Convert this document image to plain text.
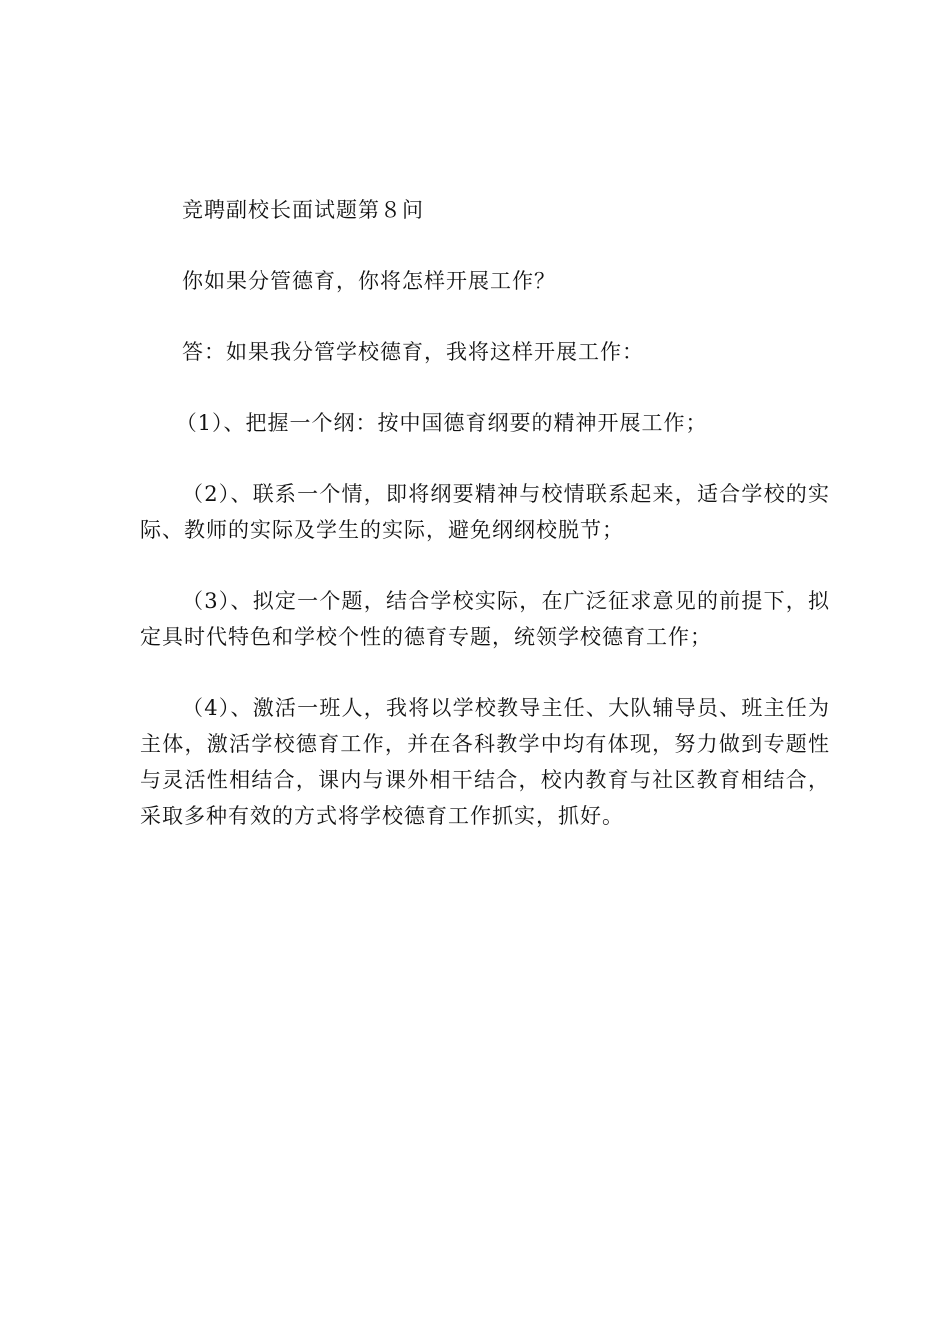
竞聘副校长面试题第８问

你如果分管德育，你将怎样开展工作？

答：如果我分管学校德育，我将这样开展工作：

（1）、把握一个纲：按中国德育纲要的精神开展工作；

（2）、联系一个情，即将纲要精神与校情联系起来，适合学校的实际、教师的实际及学生的实际，避免纲纲校脱节；

（3）、拟定一个题，结合学校实际，在广泛征求意见的前提下，拟定具时代特色和学校个性的德育专题，统领学校德育工作；

（4）、激活一班人，我将以学校教导主任、大队辅导员、班主任为主体，激活学校德育工作，并在各科教学中均有体现，努力做到专题性与灵活性相结合，课内与课外相干结合，校内教育与社区教育相结合，采取多种有效的方式将学校德育工作抓实，抓好。
